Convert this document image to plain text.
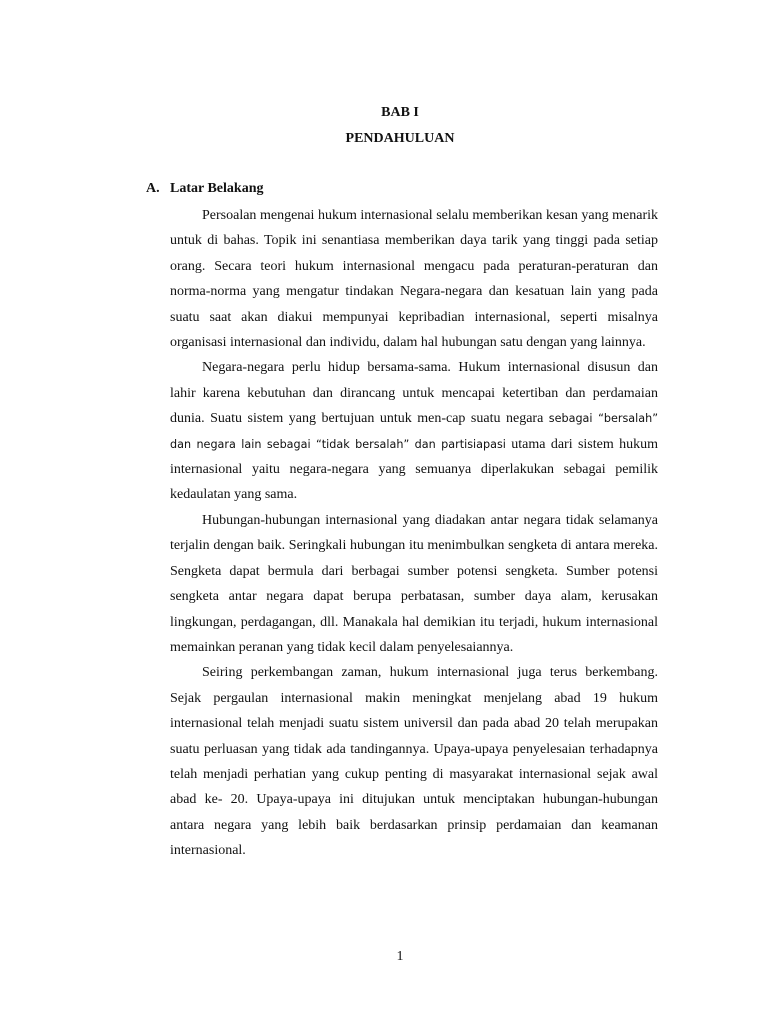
BAB I
PENDAHULUAN
A. Latar Belakang

Persoalan mengenai hukum internasional selalu memberikan kesan yang menarik untuk di bahas. Topik ini senantiasa memberikan daya tarik yang tinggi pada setiap orang. Secara teori hukum internasional mengacu pada peraturan-peraturan dan norma-norma yang mengatur tindakan Negara-negara dan kesatuan lain yang pada suatu saat akan diakui mempunyai kepribadian internasional, seperti misalnya organisasi internasional dan individu, dalam hal hubungan satu dengan yang lainnya.

Negara-negara perlu hidup bersama-sama. Hukum internasional disusun dan lahir karena kebutuhan dan dirancang untuk mencapai ketertiban dan perdamaian dunia. Suatu sistem yang bertujuan untuk men-cap suatu negara sebagai “bersalah” dan negara lain sebagai “tidak bersalah” dan partisiapasi utama dari sistem hukum internasional yaitu negara-negara yang semuanya diperlakukan sebagai pemilik kedaulatan yang sama.

Hubungan-hubungan internasional yang diadakan antar negara tidak selamanya terjalin dengan baik. Seringkali hubungan itu menimbulkan sengketa di antara mereka. Sengketa dapat bermula dari berbagai sumber potensi sengketa. Sumber potensi sengketa antar negara dapat berupa perbatasan, sumber daya alam, kerusakan lingkungan, perdagangan, dll. Manakala hal demikian itu terjadi, hukum internasional memainkan peranan yang tidak kecil dalam penyelesaiannya.

Seiring perkembangan zaman, hukum internasional juga terus berkembang. Sejak pergaulan internasional makin meningkat menjelang abad 19 hukum internasional telah menjadi suatu sistem universil dan pada abad 20 telah merupakan suatu perluasan yang tidak ada tandingannya. Upaya-upaya penyelesaian terhadapnya telah menjadi perhatian yang cukup penting di masyarakat internasional sejak awal abad ke- 20. Upaya-upaya ini ditujukan untuk menciptakan hubungan-hubungan antara negara yang lebih baik berdasarkan prinsip perdamaian dan keamanan internasional.

1
